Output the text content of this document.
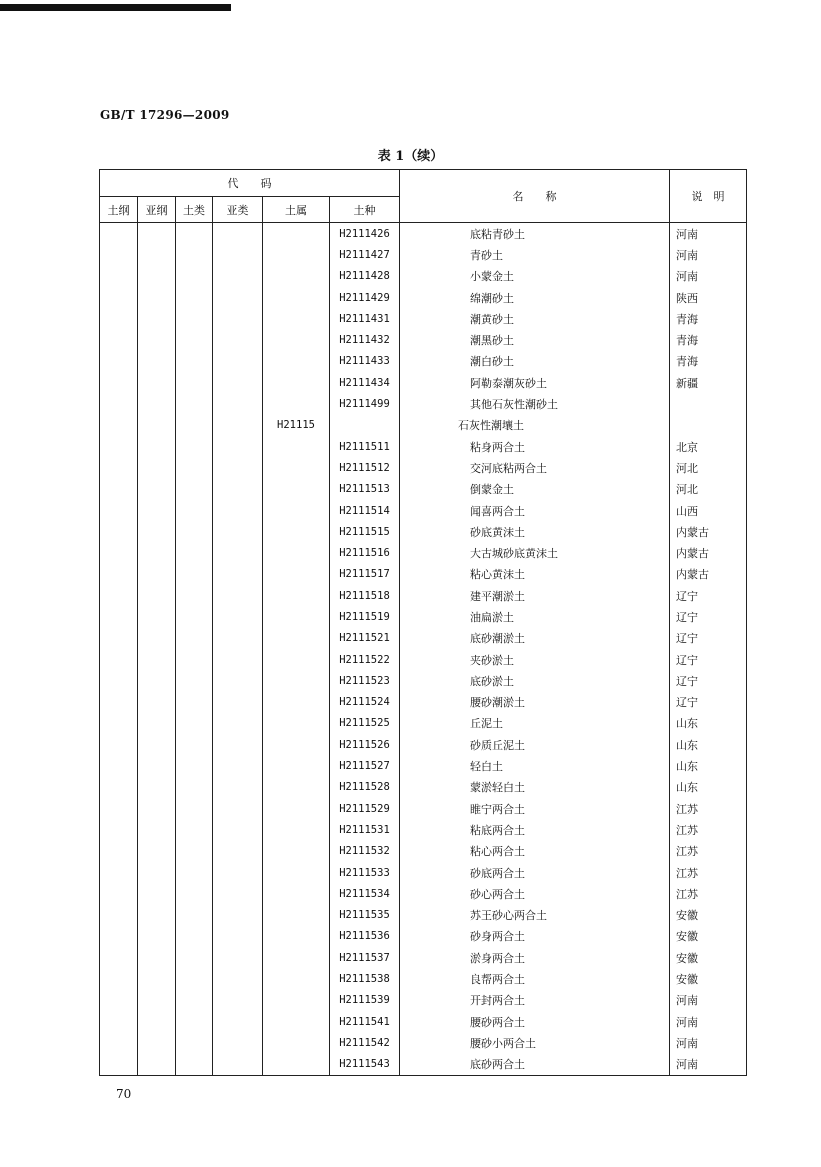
GB/T 17296—2009
表 1（续）
代　　码						名　　称	说　明
土纲	亚纲	土类	亚类	土属	土种		
					H2111426	底粘青砂土	河南
					H2111427	青砂土	河南
					H2111428	小蒙金土	河南
					H2111429	绵潮砂土	陕西
					H2111431	潮黄砂土	青海
					H2111432	潮黑砂土	青海
					H2111433	潮白砂土	青海
					H2111434	阿勒泰潮灰砂土	新疆
					H2111499	其他石灰性潮砂土	
				H21115		石灰性潮壤土	
					H2111511	粘身两合土	北京
					H2111512	交河底粘两合土	河北
					H2111513	倒蒙金土	河北
					H2111514	闻喜两合土	山西
					H2111515	砂底黄沫土	内蒙古
					H2111516	大古城砂底黄沫土	内蒙古
					H2111517	粘心黄沫土	内蒙古
					H2111518	建平潮淤土	辽宁
					H2111519	油扁淤土	辽宁
					H2111521	底砂潮淤土	辽宁
					H2111522	夹砂淤土	辽宁
					H2111523	底砂淤土	辽宁
					H2111524	腰砂潮淤土	辽宁
					H2111525	丘泥土	山东
					H2111526	砂质丘泥土	山东
					H2111527	轻白土	山东
					H2111528	蒙淤轻白土	山东
					H2111529	睢宁两合土	江苏
					H2111531	粘底两合土	江苏
					H2111532	粘心两合土	江苏
					H2111533	砂底两合土	江苏
					H2111534	砂心两合土	江苏
					H2111535	苏王砂心两合土	安徽
					H2111536	砂身两合土	安徽
					H2111537	淤身两合土	安徽
					H2111538	良帮两合土	安徽
					H2111539	开封两合土	河南
					H2111541	腰砂两合土	河南
					H2111542	腰砂小两合土	河南
					H2111543	底砂两合土	河南
70
